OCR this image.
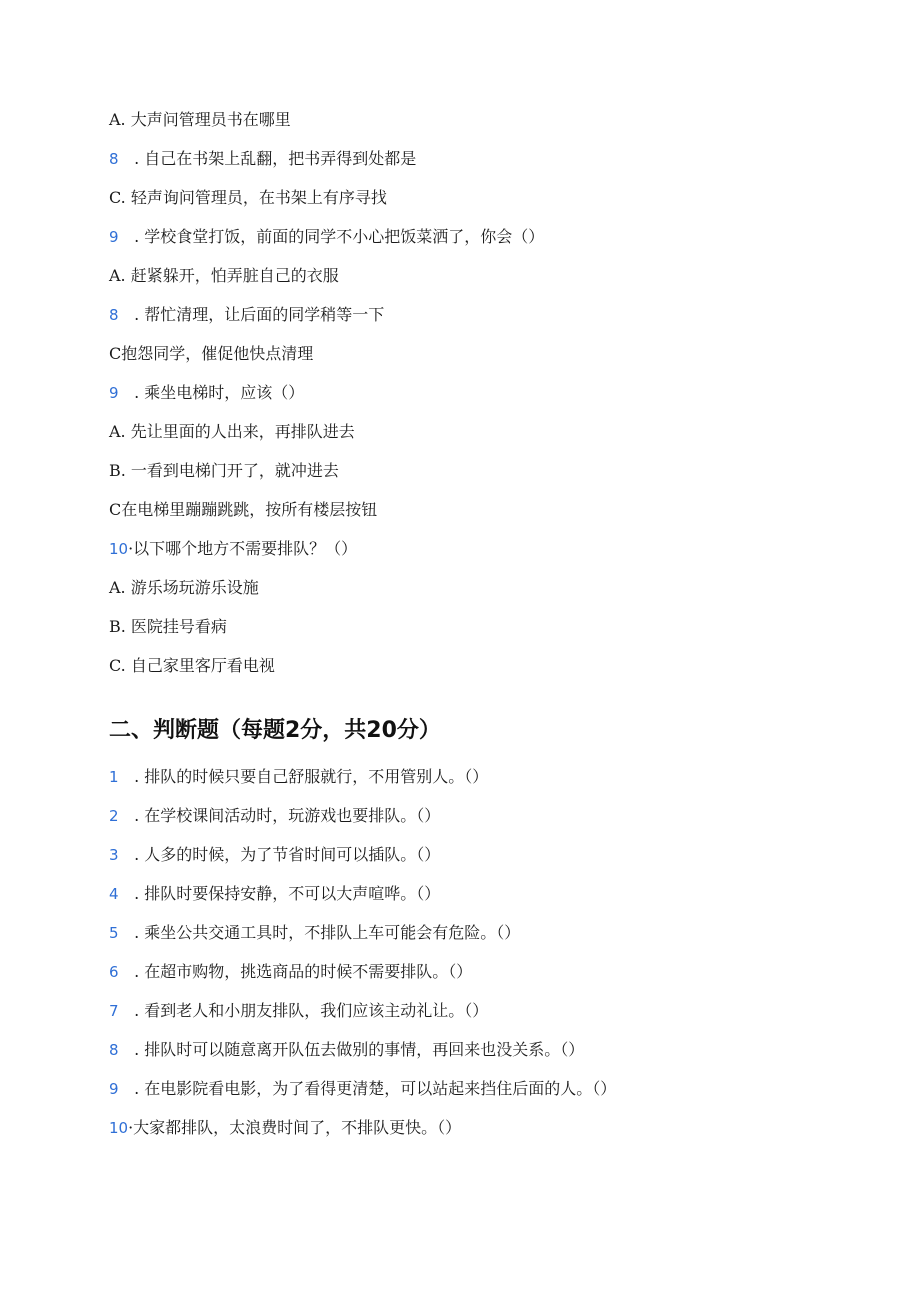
A. 大声问管理员书在哪里
8 . 自己在书架上乱翻，把书弄得到处都是
C. 轻声询问管理员，在书架上有序寻找
9 . 学校食堂打饭，前面的同学不小心把饭菜洒了，你会（）
A. 赶紧躲开，怕弄脏自己的衣服
8 . 帮忙清理，让后面的同学稍等一下
C抱怨同学，催促他快点清理
9 . 乘坐电梯时，应该（）
A. 先让里面的人出来，再排队进去
B. 一看到电梯门开了，就冲进去
C在电梯里蹦蹦跳跳，按所有楼层按钮
10·以下哪个地方不需要排队？（）
A. 游乐场玩游乐设施
B. 医院挂号看病
C. 自己家里客厅看电视
二、判断题（每题2分，共20分）
1 . 排队的时候只要自己舒服就行，不用管别人。（）
2 . 在学校课间活动时，玩游戏也要排队。（）
3 . 人多的时候，为了节省时间可以插队。（）
4 . 排队时要保持安静，不可以大声喧哗。（）
5 . 乘坐公共交通工具时，不排队上车可能会有危险。（）
6 . 在超市购物，挑选商品的时候不需要排队。（）
7 . 看到老人和小朋友排队，我们应该主动礼让。（）
8 . 排队时可以随意离开队伍去做别的事情，再回来也没关系。（）
9 . 在电影院看电影，为了看得更清楚，可以站起来挡住后面的人。（）
10·大家都排队，太浪费时间了，不排队更快。（）
